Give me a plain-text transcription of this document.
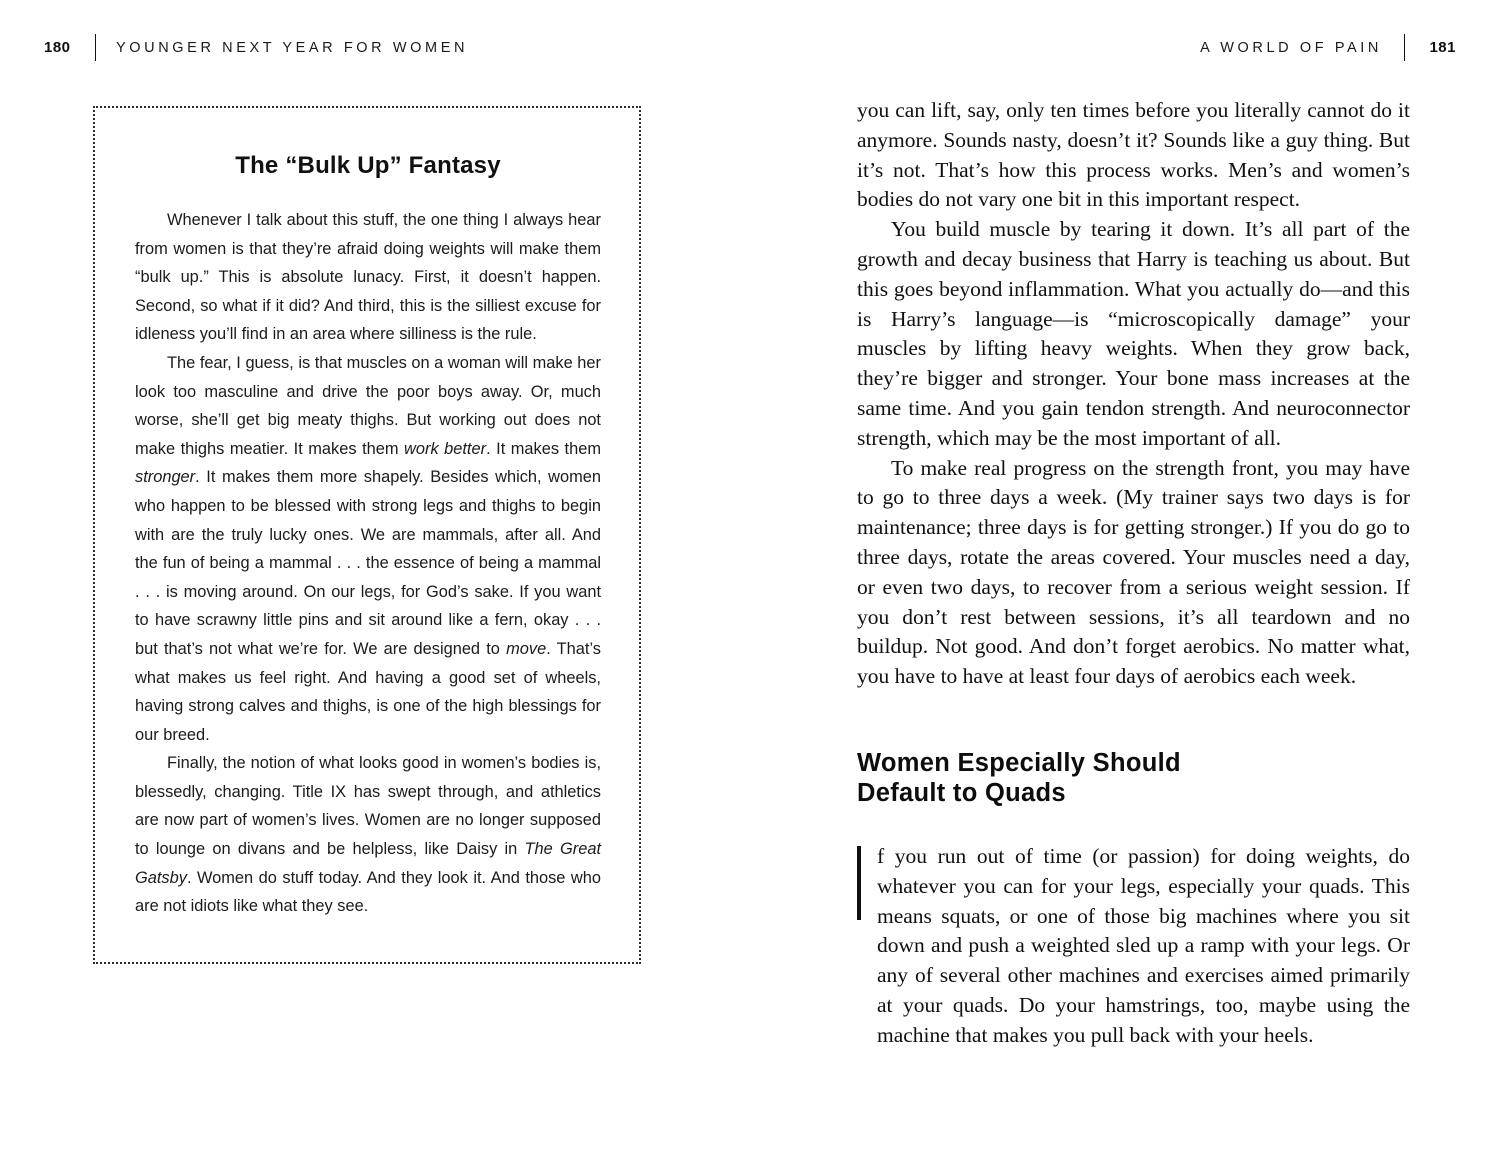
180	YOUNGER NEXT YEAR FOR WOMEN	A WORLD OF PAIN	181
The “Bulk Up” Fantasy

Whenever I talk about this stuff, the one thing I always hear from women is that they’re afraid doing weights will make them “bulk up.” This is absolute lunacy. First, it doesn’t happen. Second, so what if it did? And third, this is the silliest excuse for idleness you’ll find in an area where silliness is the rule.

The fear, I guess, is that muscles on a woman will make her look too masculine and drive the poor boys away. Or, much worse, she’ll get big meaty thighs. But working out does not make thighs meatier. It makes them work better. It makes them stronger. It makes them more shapely. Besides which, women who happen to be blessed with strong legs and thighs to begin with are the truly lucky ones. We are mammals, after all. And the fun of being a mammal . . . the essence of being a mammal . . . is moving around. On our legs, for God’s sake. If you want to have scrawny little pins and sit around like a fern, okay . . . but that’s not what we’re for. We are designed to move. That’s what makes us feel right. And having a good set of wheels, having strong calves and thighs, is one of the high blessings for our breed.

Finally, the notion of what looks good in women’s bodies is, blessedly, changing. Title IX has swept through, and athletics are now part of women’s lives. Women are no longer supposed to lounge on divans and be helpless, like Daisy in The Great Gatsby. Women do stuff today. And they look it. And those who are not idiots like what they see.

you can lift, say, only ten times before you literally cannot do it anymore. Sounds nasty, doesn’t it? Sounds like a guy thing. But it’s not. That’s how this process works. Men’s and women’s bodies do not vary one bit in this important respect.

You build muscle by tearing it down. It’s all part of the growth and decay business that Harry is teaching us about. But this goes beyond inflammation. What you actually do—and this is Harry’s language—is “microscopically damage” your muscles by lifting heavy weights. When they grow back, they’re bigger and stronger. Your bone mass increases at the same time. And you gain tendon strength. And neuroconnector strength, which may be the most important of all.

To make real progress on the strength front, you may have to go to three days a week. (My trainer says two days is for maintenance; three days is for getting stronger.) If you do go to three days, rotate the areas covered. Your muscles need a day, or even two days, to recover from a serious weight session. If you don’t rest between sessions, it’s all teardown and no buildup. Not good. And don’t forget aerobics. No matter what, you have to have at least four days of aerobics each week.

Women Especially Should
Default to Quads

f you run out of time (or passion) for doing weights, do whatever you can for your legs, especially your quads. This means squats, or one of those big machines where you sit down and push a weighted sled up a ramp with your legs. Or any of several other machines and exercises aimed primarily at your quads. Do your hamstrings, too, maybe using the machine that makes you pull back with your heels.
